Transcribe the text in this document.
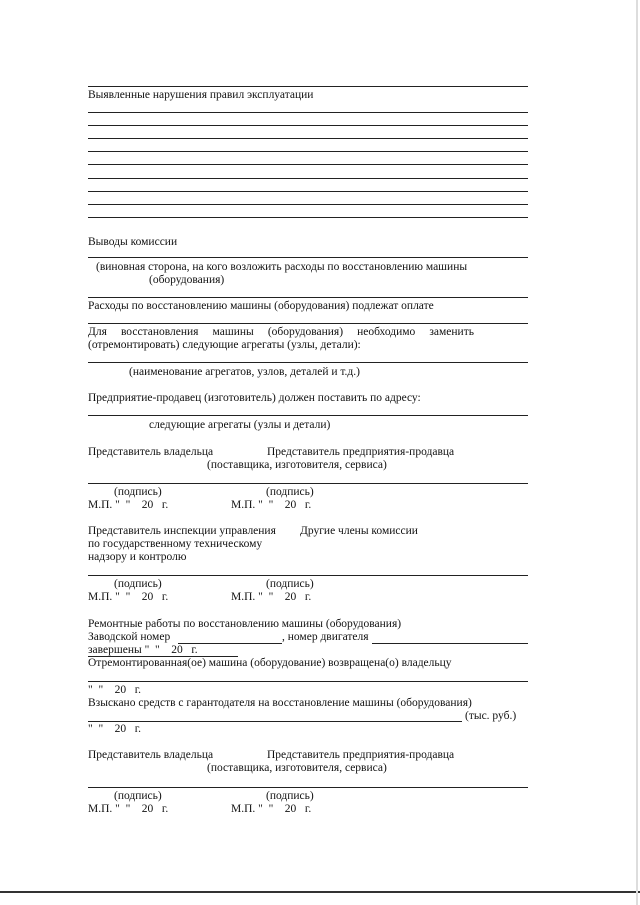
Выявленные нарушения правил эксплуатации
Выводы комиссии
(виновная сторона, на кого возложить расходы по восстановлению машины
(оборудования)
Расходы по восстановлению машины (оборудования) подлежат оплате
Для восстановления машины (оборудования) необходимо заменить
(отремонтировать) следующие агрегаты (узлы, детали):
(наименование агрегатов, узлов, деталей и т.д.)
Предприятие-продавец (изготовитель) должен поставить по адресу:
следующие агрегаты (узлы и детали)
Представитель владельца	Представитель предприятия-продавца
(поставщика, изготовителя, сервиса)
(подпись)	(подпись)
М.П. "  "    20   г.	М.П. "  "    20   г.
Представитель инспекции управления Другие члены комиссии
по государственному техническому
надзору и контролю
(подпись)	(подпись)
М.П. "  "    20   г.	М.П. "  "    20   г.
Ремонтные работы по восстановлению машины (оборудования)
Заводской номер	, номер двигателя
завершены "  "    20   г.
Отремонтированная(ое) машина (оборудование) возвращена(о) владельцу
"  "    20   г.
Взыскано средств с гарантодателя на восстановление машины (оборудования)
(тыс. руб.)
"  "    20   г.
Представитель владельца	Представитель предприятия-продавца
(поставщика, изготовителя, сервиса)
(подпись)	(подпись)
М.П. "  "    20   г.	М.П. "  "    20   г.
